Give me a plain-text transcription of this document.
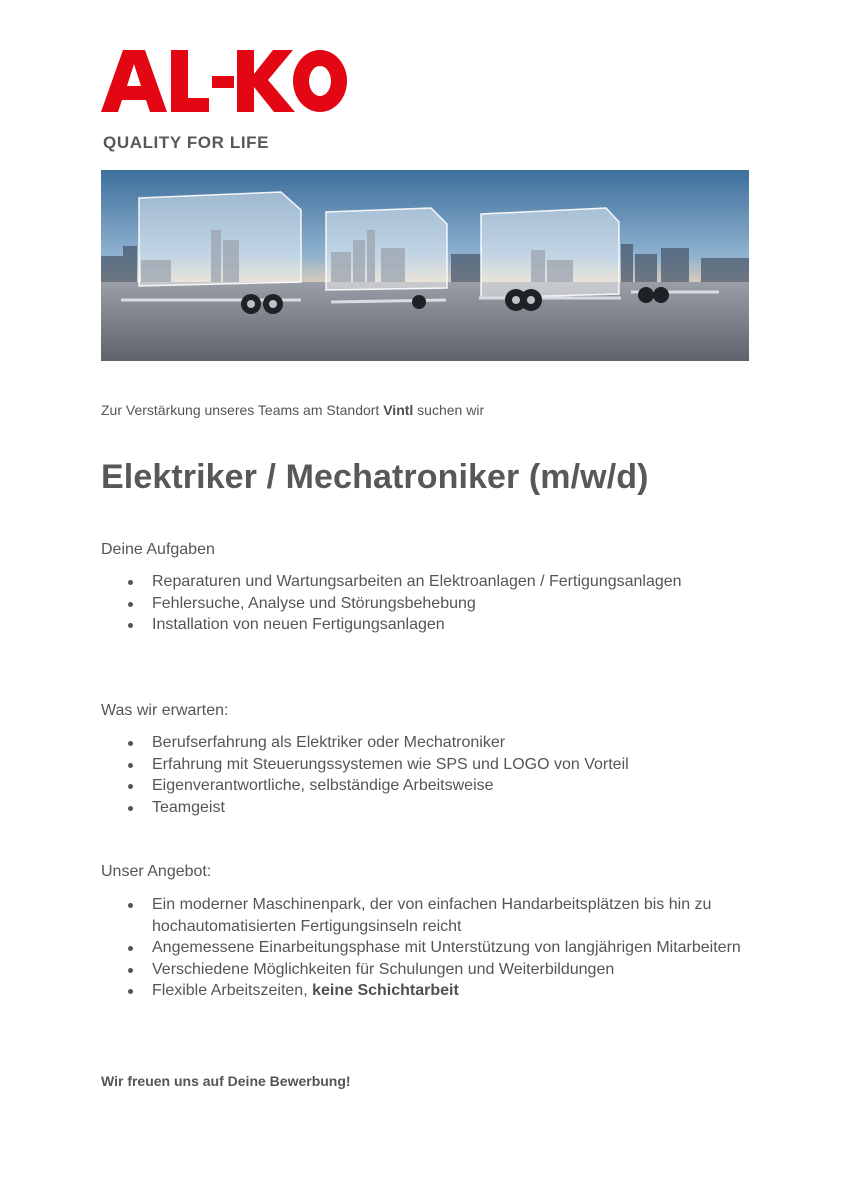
QUALITY FOR LIFE
Zur Verstärkung unseres Teams am Standort Vintl suchen wir
Elektriker / Mechatroniker (m/w/d)
Deine Aufgaben
Reparaturen und Wartungsarbeiten an Elektroanlagen / Fertigungsanlagen
Fehlersuche, Analyse und Störungsbehebung
Installation von neuen Fertigungsanlagen
Was wir erwarten:
Berufserfahrung als Elektriker oder Mechatroniker
Erfahrung mit Steuerungssystemen wie SPS und LOGO von Vorteil
Eigenverantwortliche, selbständige Arbeitsweise
Teamgeist
Unser Angebot:
Ein moderner Maschinenpark, der von einfachen Handarbeitsplätzen bis hin zu hochautomatisierten Fertigungsinseln reicht
Angemessene Einarbeitungsphase mit Unterstützung von langjährigen Mitarbeitern
Verschiedene Möglichkeiten für Schulungen und Weiterbildungen
Flexible Arbeitszeiten, keine Schichtarbeit
Wir freuen uns auf Deine Bewerbung!
